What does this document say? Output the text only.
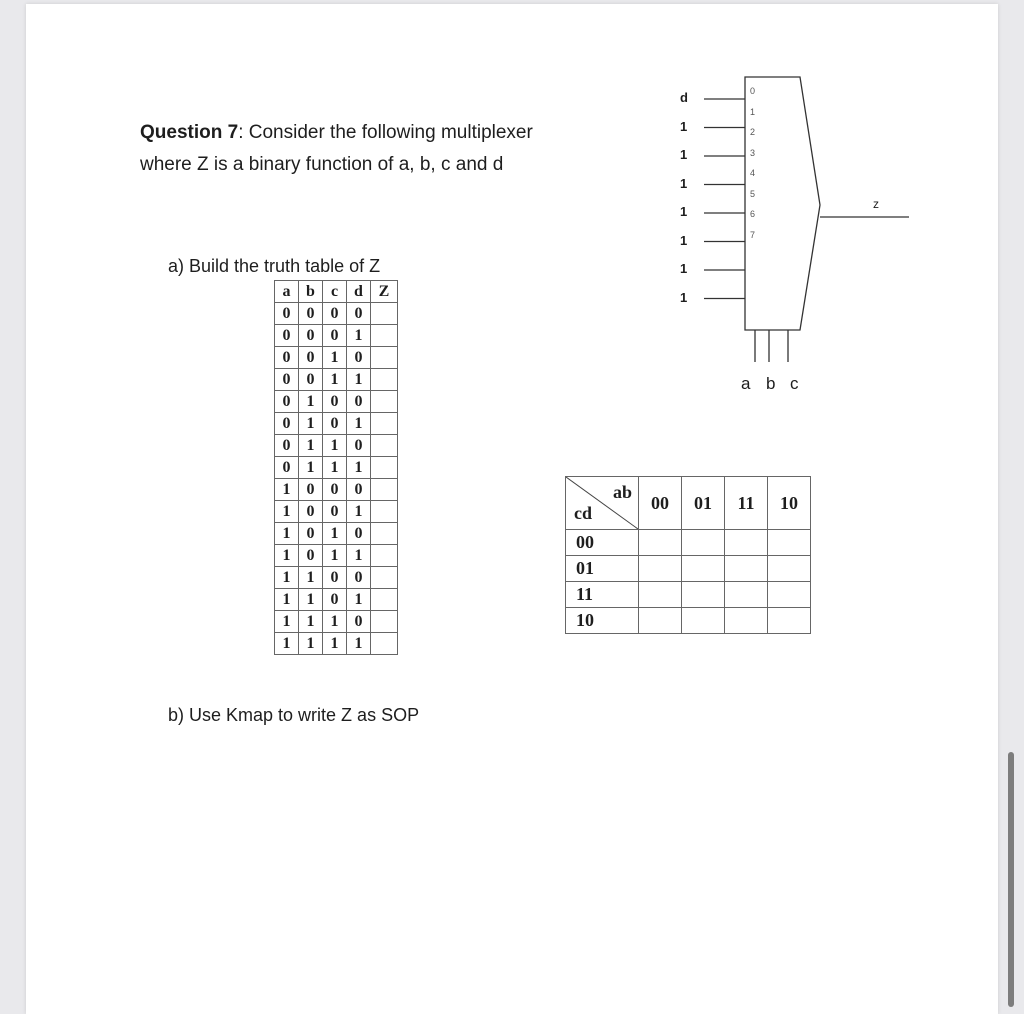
Question 7: Consider the following multiplexer
where Z is a binary function of a, b, c and d
a) Build the truth table of Z
b) Use Kmap to write Z as SOP
a	b	c	d	Z
0	0	0	0	
0	0	0	1	
0	0	1	0	
0	0	1	1	
0	1	0	0	
0	1	0	1	
0	1	1	0	
0	1	1	1	
1	0	0	0	
1	0	0	1	
1	0	1	0	
1	0	1	1	
1	1	0	0	
1	1	0	1	
1	1	1	0	
1	1	1	1	
ab
cd	00	01	11	10
00				
01				
11				
10				
d	0
1
1
1
2
1
3
1
4
1
5
1
6
1
7
z
a b c
